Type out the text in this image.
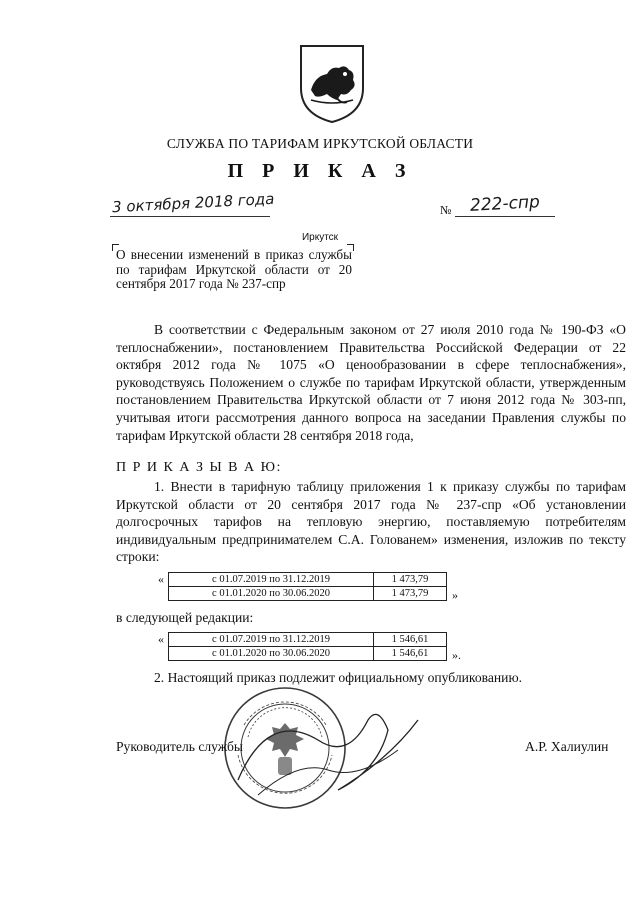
СЛУЖБА ПО ТАРИФАМ ИРКУТСКОЙ ОБЛАСТИ
П Р И К А З
3 октября 2018 года	№ 222-спр
Иркутск
О внесении изменений в приказ службы по тарифам Иркутской области от 20 сентября 2017 года № 237-спр
В соответствии с Федеральным законом от 27 июля 2010 года № 190-ФЗ «О теплоснабжении», постановлением Правительства Российской Федерации от 22 октября 2012 года № 1075 «О ценообразовании в сфере теплоснабжения», руководствуясь Положением о службе по тарифам Иркутской области, утвержденным постановлением Правительства Иркутской области от 7 июня 2012 года № 303-пп, учитывая итоги рассмотрения данного вопроса на заседании Правления службы по тарифам Иркутской области 28 сентября 2018 года,
П Р И К А З Ы В А Ю:
1. Внести в тарифную таблицу приложения 1 к приказу службы по тарифам Иркутской области от 20 сентября 2017 года № 237-спр «Об установлении долгосрочных тарифов на тепловую энергию, поставляемую потребителям индивидуальным предпринимателем С.А. Голованем» изменения, изложив по тексту строки:
«	с 01.07.2019 по 31.12.2019	1 473,79
с 01.01.2020 по 30.06.2020	1 473,79 »
в следующей редакции:
«	с 01.07.2019 по 31.12.2019	1 546,61
с 01.01.2020 по 30.06.2020	1 546,61 ».
2. Настоящий приказ подлежит официальному опубликованию.
Руководитель службы	А.Р. Халиулин
